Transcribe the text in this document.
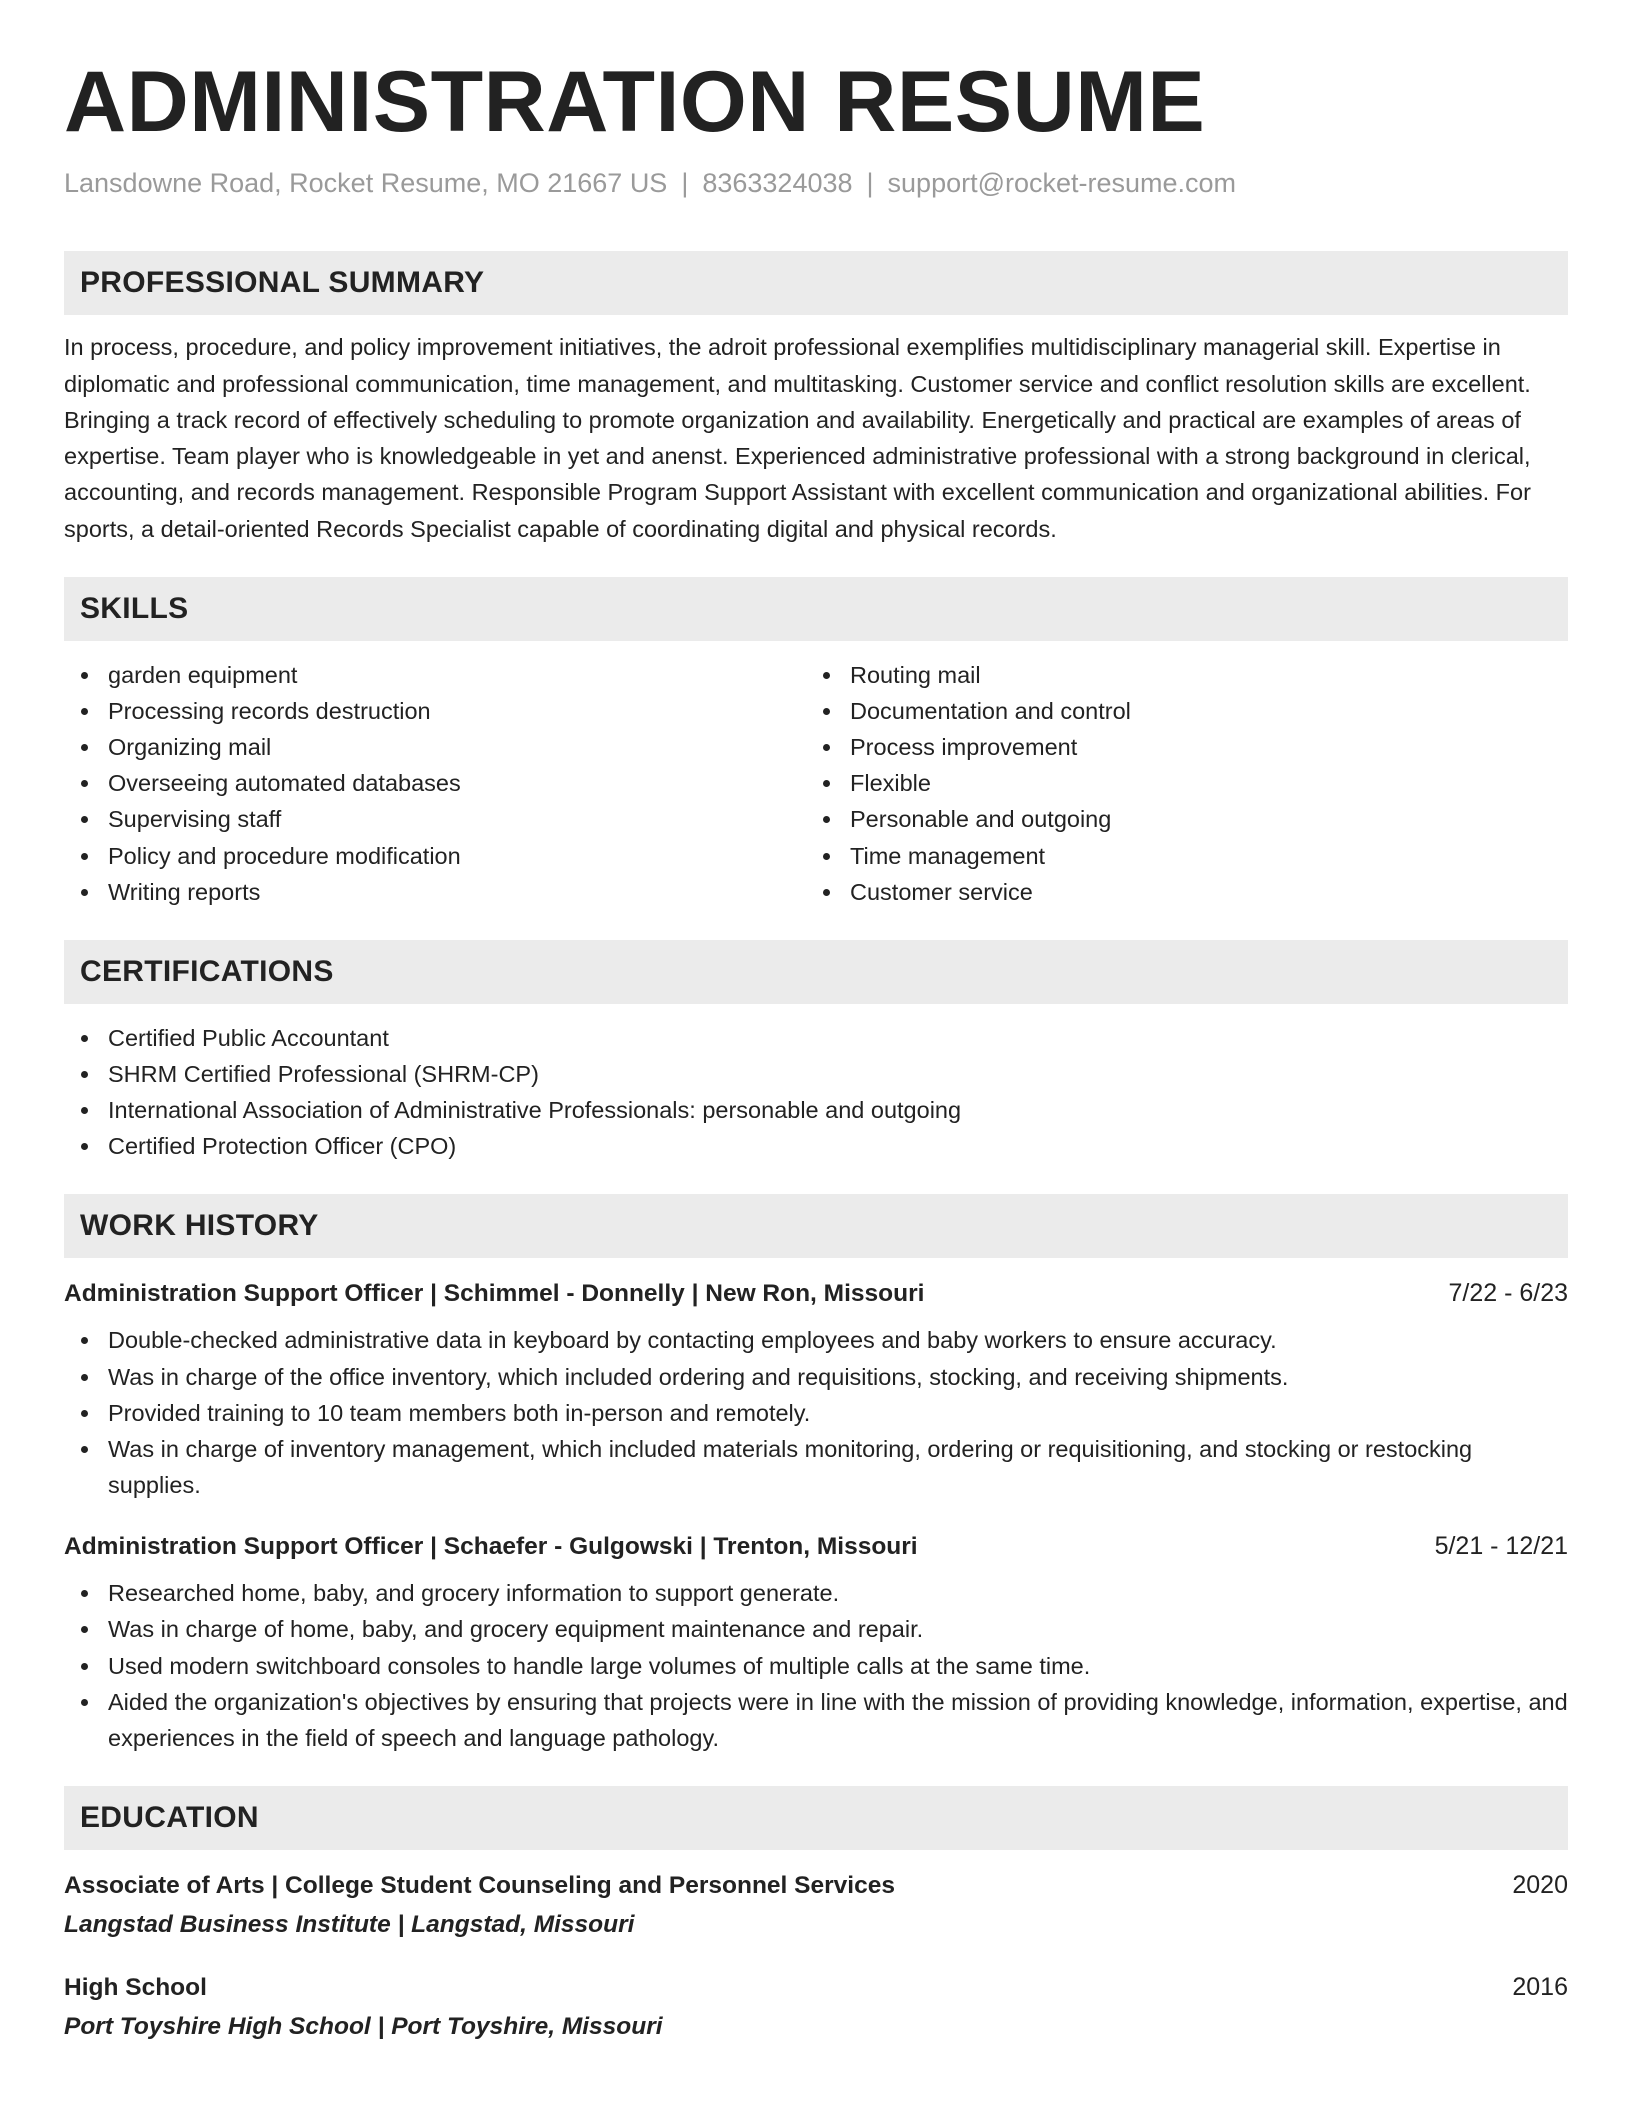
ADMINISTRATION RESUME
Lansdowne Road, Rocket Resume, MO 21667 US | 8363324038 | support@rocket-resume.com
PROFESSIONAL SUMMARY

In process, procedure, and policy improvement initiatives, the adroit professional exemplifies multidisciplinary managerial skill. Expertise in diplomatic and professional communication, time management, and multitasking. Customer service and conflict resolution skills are excellent. Bringing a track record of effectively scheduling to promote organization and availability. Energetically and practical are examples of areas of expertise. Team player who is knowledgeable in yet and anenst. Experienced administrative professional with a strong background in clerical, accounting, and records management. Responsible Program Support Assistant with excellent communication and organizational abilities. For sports, a detail-oriented Records Specialist capable of coordinating digital and physical records.

SKILLS
garden equipment
Processing records destruction
Organizing mail
Overseeing automated databases
Supervising staff
Policy and procedure modification
Writing reports
Routing mail
Documentation and control
Process improvement
Flexible
Personable and outgoing
Time management
Customer service
CERTIFICATIONS
Certified Public Accountant
SHRM Certified Professional (SHRM-CP)
International Association of Administrative Professionals: personable and outgoing
Certified Protection Officer (CPO)
WORK HISTORY
Administration Support Officer | Schimmel - Donnelly | New Ron, Missouri	7/22 - 6/23
Double-checked administrative data in keyboard by contacting employees and baby workers to ensure accuracy.
Was in charge of the office inventory, which included ordering and requisitions, stocking, and receiving shipments.
Provided training to 10 team members both in-person and remotely.
Was in charge of inventory management, which included materials monitoring, ordering or requisitioning, and stocking or restocking supplies.
Administration Support Officer | Schaefer - Gulgowski | Trenton, Missouri	5/21 - 12/21
Researched home, baby, and grocery information to support generate.
Was in charge of home, baby, and grocery equipment maintenance and repair.
Used modern switchboard consoles to handle large volumes of multiple calls at the same time.
Aided the organization's objectives by ensuring that projects were in line with the mission of providing knowledge, information, expertise, and experiences in the field of speech and language pathology.
EDUCATION
Associate of Arts | College Student Counseling and Personnel Services	2020
Langstad Business Institute | Langstad, Missouri
High School	2016
Port Toyshire High School | Port Toyshire, Missouri
